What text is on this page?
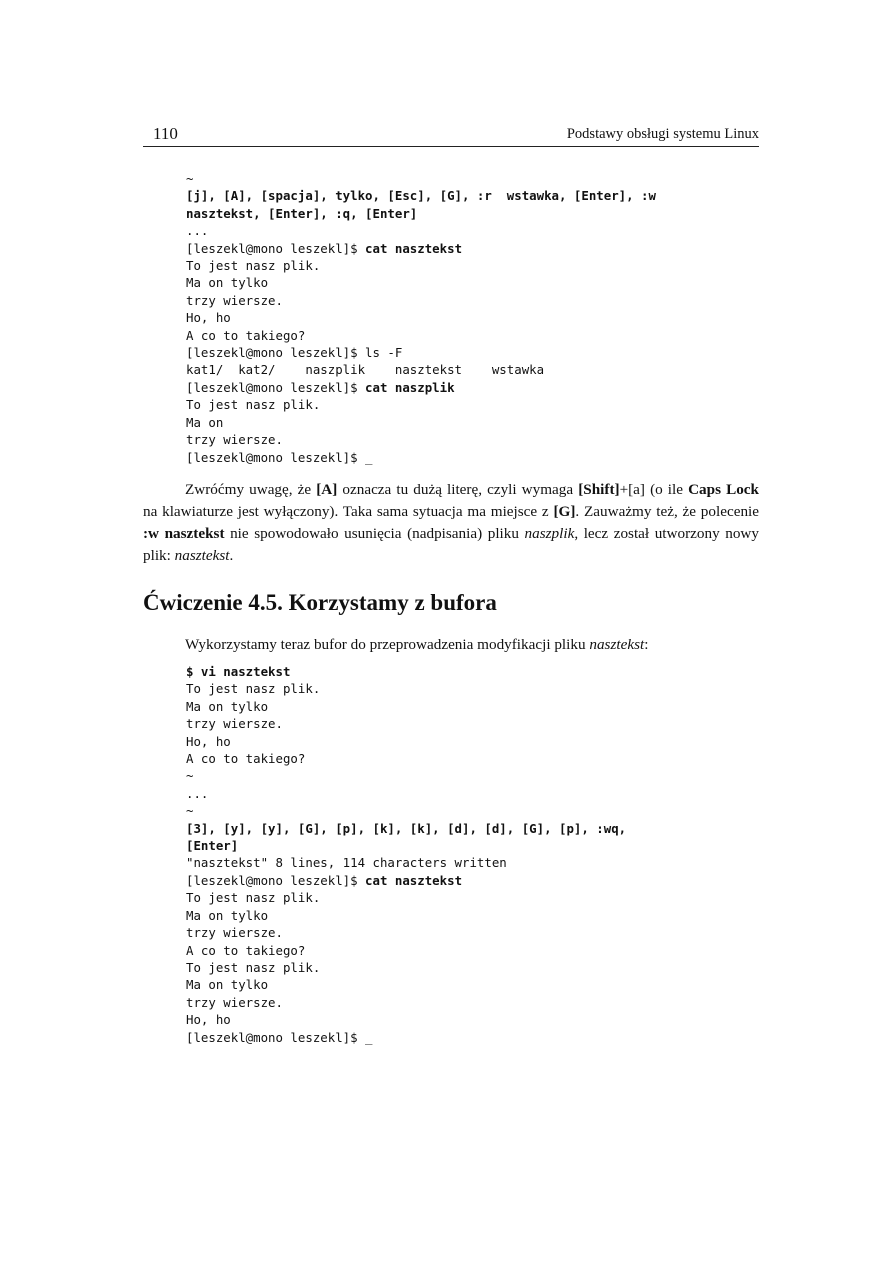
110	Podstawy obsługi systemu Linux
~
[j], [A], [spacja], tylko, [Esc], [G], :r  wstawka, [Enter], :w
nasztekst, [Enter], :q, [Enter]
...
[leszekl@mono leszekl]$ cat nasztekst
To jest nasz plik.
Ma on tylko
trzy wiersze.
Ho, ho
A co to takiego?
[leszekl@mono leszekl]$ ls -F
kat1/  kat2/    naszplik    nasztekst    wstawka
[leszekl@mono leszekl]$ cat naszplik
To jest nasz plik.
Ma on
trzy wiersze.
[leszekl@mono leszekl]$ _

Zwróćmy uwagę, że [A] oznacza tu dużą literę, czyli wymaga [Shift]+[a] (o ile Caps Lock na klawiaturze jest wyłączony). Taka sama sytuacja ma miejsce z [G]. Zauważmy też, że polecenie :w nasztekst nie spowodowało usunięcia (nadpisania) pliku naszplik, lecz został utworzony nowy plik: nasztekst.

Ćwiczenie 4.5. Korzystamy z bufora

Wykorzystamy teraz bufor do przeprowadzenia modyfikacji pliku nasztekst:

$ vi nasztekst
To jest nasz plik.
Ma on tylko
trzy wiersze.
Ho, ho
A co to takiego?
~
...
~
[3], [y], [y], [G], [p], [k], [k], [d], [d], [G], [p], :wq,
[Enter]
"nasztekst" 8 lines, 114 characters written
[leszekl@mono leszekl]$ cat nasztekst
To jest nasz plik.
Ma on tylko
trzy wiersze.
A co to takiego?
To jest nasz plik.
Ma on tylko
trzy wiersze.
Ho, ho
[leszekl@mono leszekl]$ _
